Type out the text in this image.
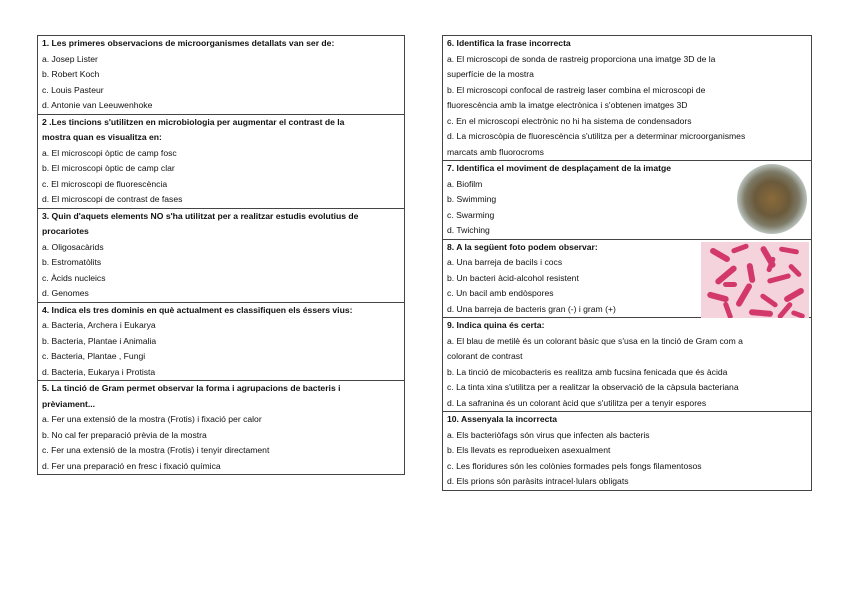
1. Les primeres observacions de microorganismes detallats van ser de:
a. Josep Lister
b. Robert Koch
c. Louis Pasteur
d. Antonie van Leeuwenhoke
2 .Les tincions s'utilitzen en microbiologia per augmentar el contrast de la
mostra quan es visualitza en:
a. El microscopi òptic de camp fosc
b. El microscopi òptic de camp clar
c. El microscopi de fluorescència
d. El microscopi de contrast de fases
3. Quin d'aquets elements NO s'ha utilitzat per a realitzar estudis evolutius de
procariotes
a. Oligosacàrids
b. Estromatòlits
c. Àcids nucleics
d. Genomes
4. Indica els tres dominis en què actualment es classifiquen els éssers vius:
a. Bacteria, Archera i Eukarya
b. Bacteria, Plantae i Animalia
c. Bacteria, Plantae , Fungi
d. Bacteria, Eukarya i Protista
5. La tinció de Gram permet observar la forma i agrupacions de bacteris i
prèviament...
a. Fer una extensió de la mostra (Frotis) i fixació per calor
b. No cal fer preparació prèvia de la mostra
c. Fer una extensió de la mostra (Frotis) i tenyir directament
d. Fer una preparació en fresc i fixació química
6. Identifica la frase incorrecta
a. El microscopi de sonda de rastreig proporciona una imatge 3D de la
superfície de la mostra
b. El microscopi confocal de rastreig laser combina el microscopi de
fluorescència amb la imatge electrònica i s'obtenen imatges 3D
c. En el microscopi electrònic no hi ha sistema de condensadors
d. La microscòpia de fluorescència s'utilitza per a determinar microorganismes
marcats amb fluorocroms
7. Identifica el moviment de desplaçament de la imatge
a. Biofilm
b. Swimming
c. Swarming
d. Twiching
8. A la següent foto podem observar:
a. Una barreja de bacils i cocs
b. Un bacteri àcid-alcohol resistent
c. Un bacil amb endòspores
d. Una barreja de bacteris gran (-) i gram (+)
9. Indica quina és certa:
a. El blau de metilè és un colorant bàsic que s'usa en la tinció de Gram com a
colorant de contrast
b. La tinció de micobacteris es realitza amb fucsina fenicada que és àcida
c. La tinta xina s'utilitza per a realitzar la observació de la càpsula bacteriana
d. La safranina és un colorant àcid que s'utilitza per a tenyir espores
10. Assenyala la incorrecta
a. Els bacteriòfags són virus que infecten als bacteris
b. Els llevats es reprodueixen asexualment
c. Les floridures són les colònies formades pels fongs filamentosos
d. Els prions són paràsits intracel·lulars obligats
